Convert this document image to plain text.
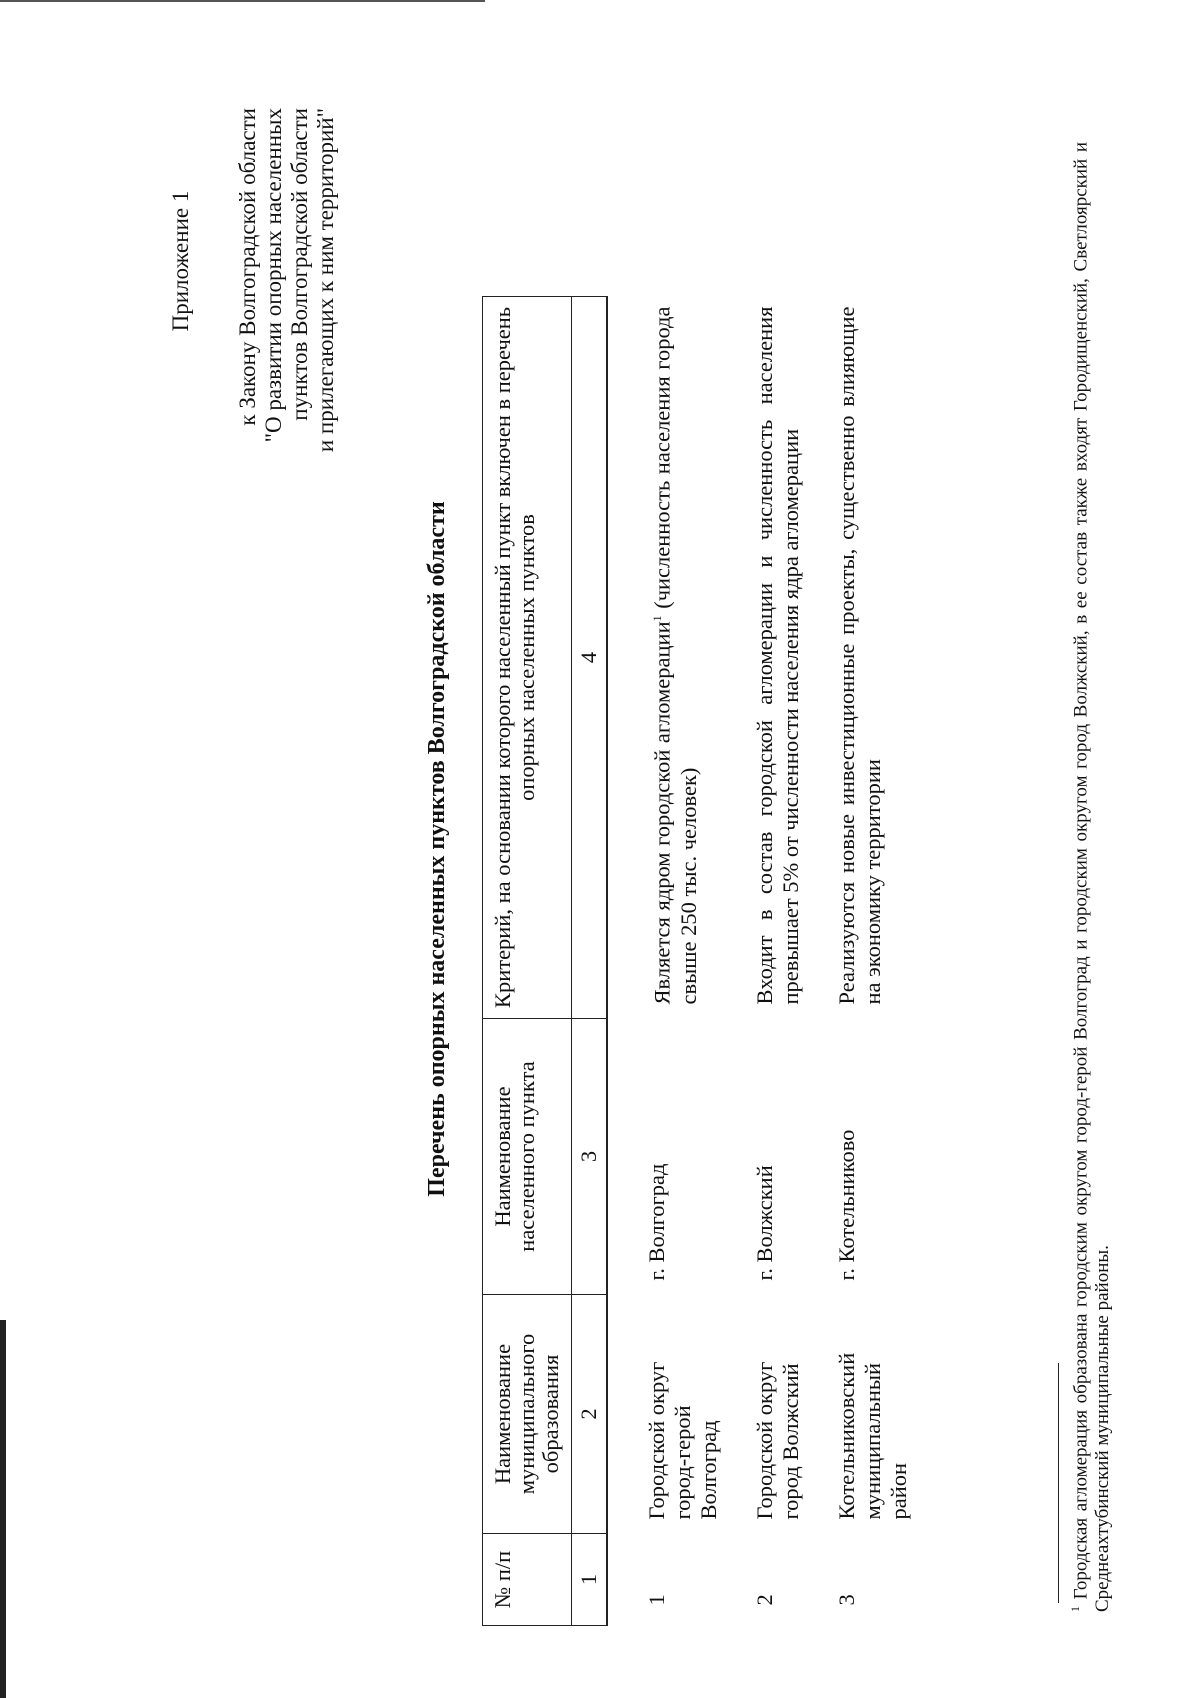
Приложение 1 к Закону Волгоградской области "О развитии опорных населенных пунктов Волгоградской области и прилегающих к ним территорий"
Перечень опорных населенных пунктов Волгоградской области
№ п/п	Наименование муниципального образования	Наименование населенного пункта	Критерий, на основании которого населенный пункт включен в перечень опорных населенных пунктов
1	2	3	4
1	Городской округ город-герой Волгоград	г. Волгоград	Является ядром городской агломерации$^1$ (численность населения города свыше 250 тыс. человек)
2	Городской округ город Волжский	г. Волжский	Входит в состав городской агломерации и численность населения превышает 5% от численности населения ядра агломерации
3	Котельниковский муниципальный район	г. Котельниково	Реализуются новые инвестиционные проекты, существенно влияющие на экономику территории
$^1$ Городская агломерация образована городским округом город-герой Волгоград и городским округом город Волжский, в ее состав также входят Городищенский, Светлоярский и Среднеахтубинский муниципальные районы.
